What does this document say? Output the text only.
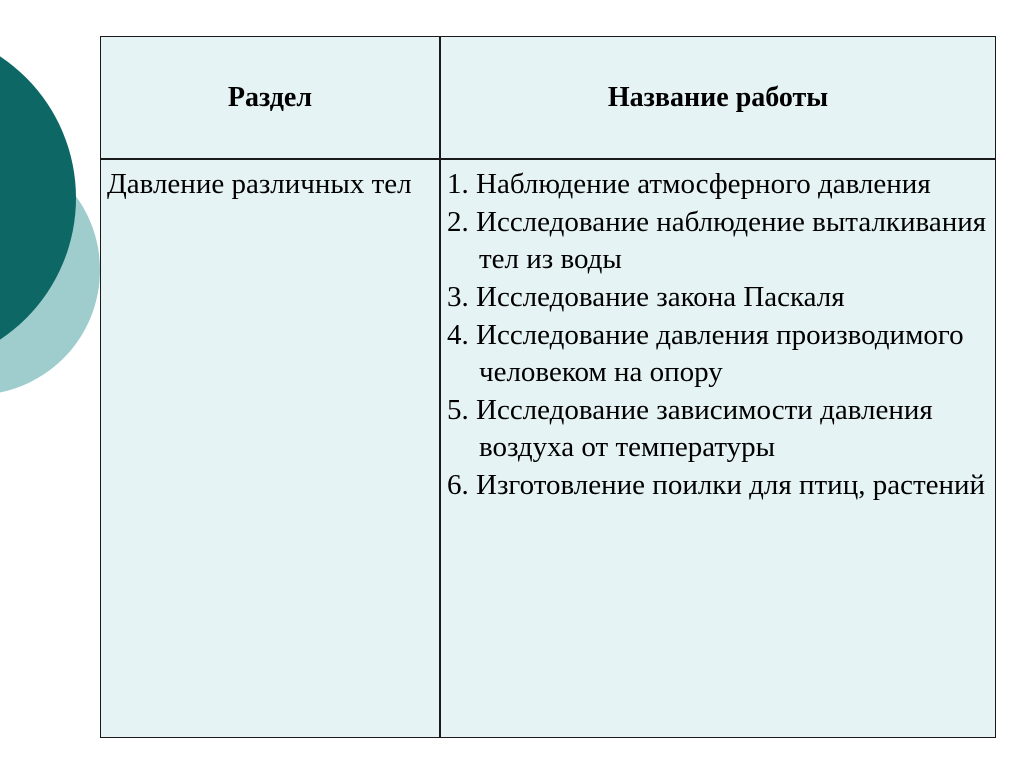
Раздел	Название работы
Давление различных тел	1. Наблюдение атмосферного давления
2. Исследование наблюдение выталкивания тел из воды
3. Исследование закона Паскаля
4. Исследование давления производимого человеком на опору
5. Исследование зависимости давления воздуха от температуры
6. Изготовление поилки для птиц, растений
